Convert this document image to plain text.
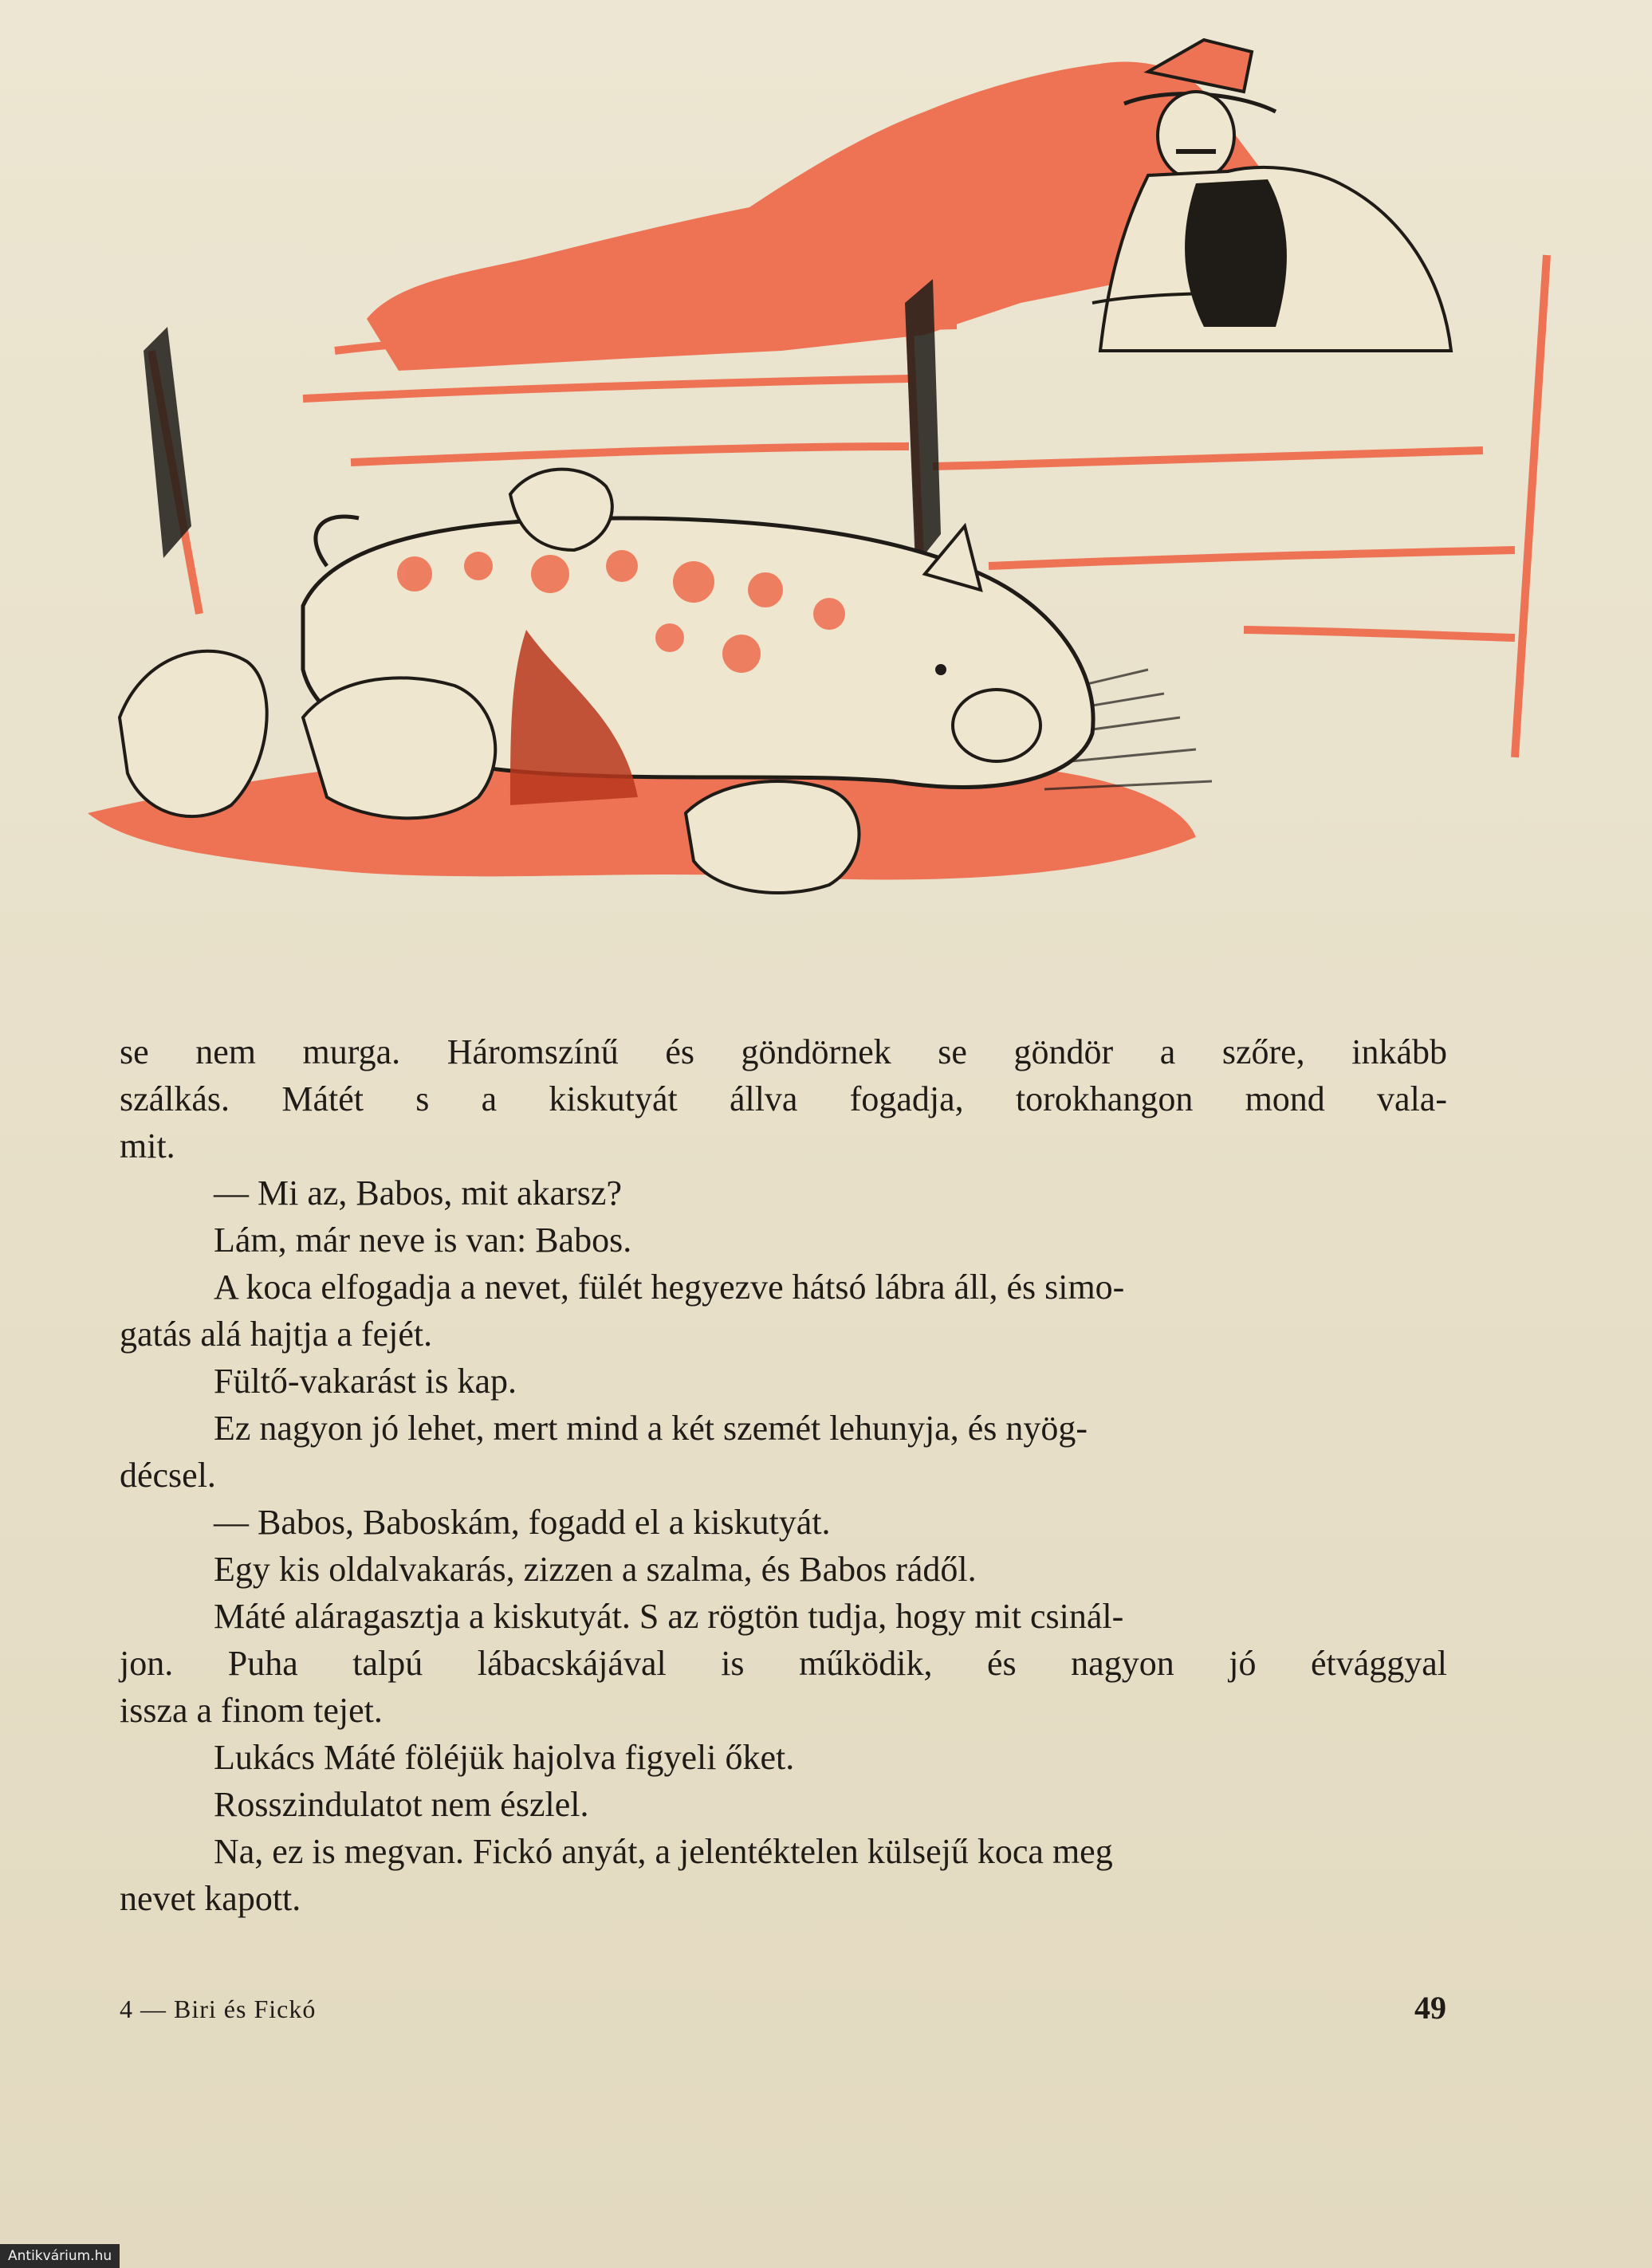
se nem murga. Háromszínű és göndörnek se göndör a szőre, inkább
szálkás. Mátét s a kiskutyát állva fogadja, torokhangon mond vala-
mit.

— Mi az, Babos, mit akarsz?

Lám, már neve is van: Babos.

A koca elfogadja a nevet, fülét hegyezve hátsó lábra áll, és simo-

gatás alá hajtja a fejét.

Fültő-vakarást is kap.

Ez nagyon jó lehet, mert mind a két szemét lehunyja, és nyög-

décsel.

— Babos, Baboskám, fogadd el a kiskutyát.

Egy kis oldalvakarás, zizzen a szalma, és Babos rádől.

Máté aláragasztja a kiskutyát. S az rögtön tudja, hogy mit csinál-

jon. Puha talpú lábacskájával is működik, és nagyon jó étvággyal
issza a finom tejet.

Lukács Máté föléjük hajolva figyeli őket.

Rosszindulatot nem észlel.

Na, ez is megvan. Fickó anyát, a jelentéktelen külsejű koca meg

nevet kapott.

4 — Biri és Fickó	49
Antikvárium.hu
